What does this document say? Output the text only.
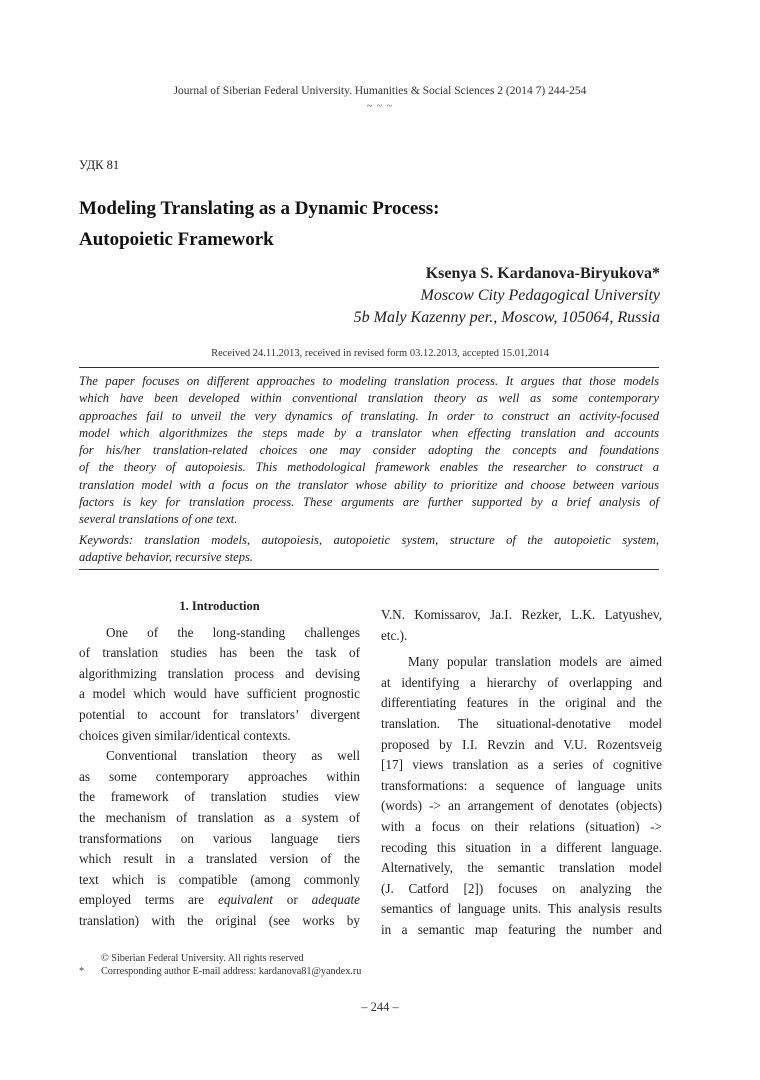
Journal of Siberian Federal University. Humanities & Social Sciences 2 (2014 7) 244-254
~ ~ ~
УДК 81
Modeling Translating as a Dynamic Process:
Autopoietic Framework
Ksenya S. Kardanova-Biryukova*
Moscow City Pedagogical University
5b Maly Kazenny per., Moscow, 105064, Russia
Received 24.11.2013, received in revised form 03.12.2013, accepted 15.01.2014
The paper focuses on different approaches to modeling translation process. It argues that those models
which have been developed within conventional translation theory as well as some contemporary
approaches fail to unveil the very dynamics of translating. In order to construct an activity-focused
model which algorithmizes the steps made by a translator when effecting translation and accounts
for his/her translation-related choices one may consider adopting the concepts and foundations
of the theory of autopoiesis. This methodological framework enables the researcher to construct a
translation model with a focus on the translator whose ability to prioritize and choose between various
factors is key for translation process. These arguments are further supported by a brief analysis of
several translations of one text.
Keywords: translation models, autopoiesis, autopoietic system, structure of the autopoietic system,
adaptive behavior, recursive steps.

1. Introduction

One of the long-standing challenges

of translation studies has been the task of

algorithmizing translation process and devising

a model which would have sufficient prognostic

potential to account for translators’ divergent

choices given similar/identical contexts.

Conventional translation theory as well

as some contemporary approaches within

the framework of translation studies view

the mechanism of translation as a system of

transformations on various language tiers

which result in a translated version of the

text which is compatible (among commonly

employed terms are equivalent or adequate

translation) with the original (see works by

V.N. Komissarov, Ja.I. Rezker, L.K. Latyushev,

etc.).

Many popular translation models are aimed

at identifying a hierarchy of overlapping and

differentiating features in the original and the

translation. The situational-denotative model

proposed by I.I. Revzin and V.U. Rozentsveig

[17] views translation as a series of cognitive

transformations: a sequence of language units

(words) -> an arrangement of denotates (objects)

with a focus on their relations (situation) ->

recoding this situation in a different language.

Alternatively, the semantic translation model

(J. Catford [2]) focuses on analyzing the

semantics of language units. This analysis results

in a semantic map featuring the number and

© Siberian Federal University. All rights reserved
*	Corresponding author E-mail address: kardanova81@yandex.ru
– 244 –
